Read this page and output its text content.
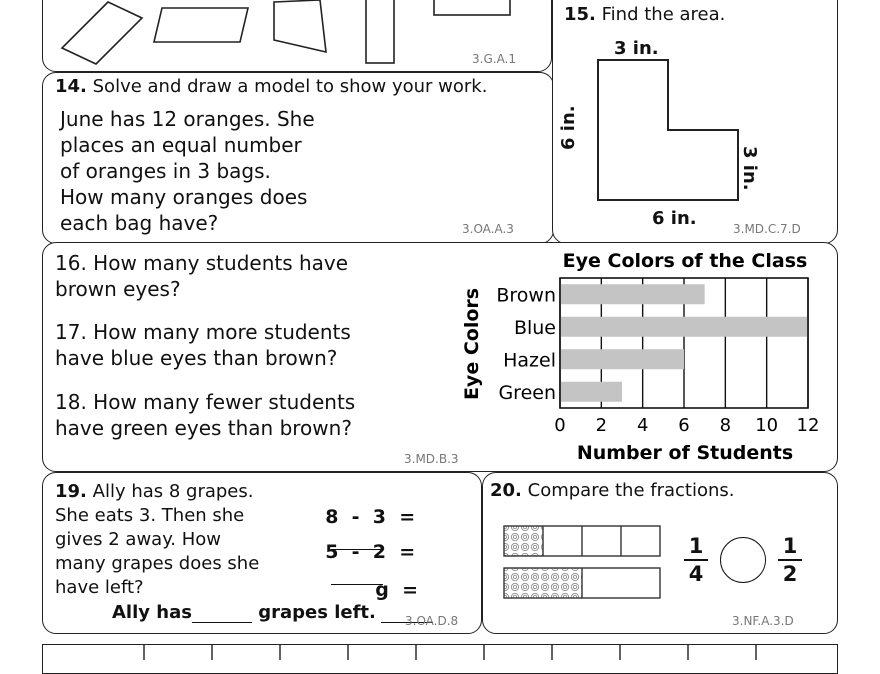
3.G.A.1
14. Solve and draw a model to show your work.
June has 12 oranges. She
places an equal number
of oranges in 3 bags.
How many oranges does
each bag have?	3.OA.A.3
15. Find the area.
3 in.
6 in.
3 in.
6 in.	3.MD.C.7.D
16. How many students have
brown eyes?
17. How many more students
have blue eyes than brown?
18. How many fewer students
have green eyes than brown?
3.MD.B.3
Eye Colors of the Class
Eye Colors
Number of Students
Brown
Blue
Hazel
Green
0 2 4 6 8 10 12
19. Ally has 8 grapes.
She eats 3. Then she
gives 2 away. How
many grapes does she
have left?

8  -  3  =

5  -  2  =

g  =

Ally has	grapes left. 3.OA.D.8
20. Compare the fractions.
$\frac{1}{4}$	$\frac{1}{2}$
3.NF.A.3.D
